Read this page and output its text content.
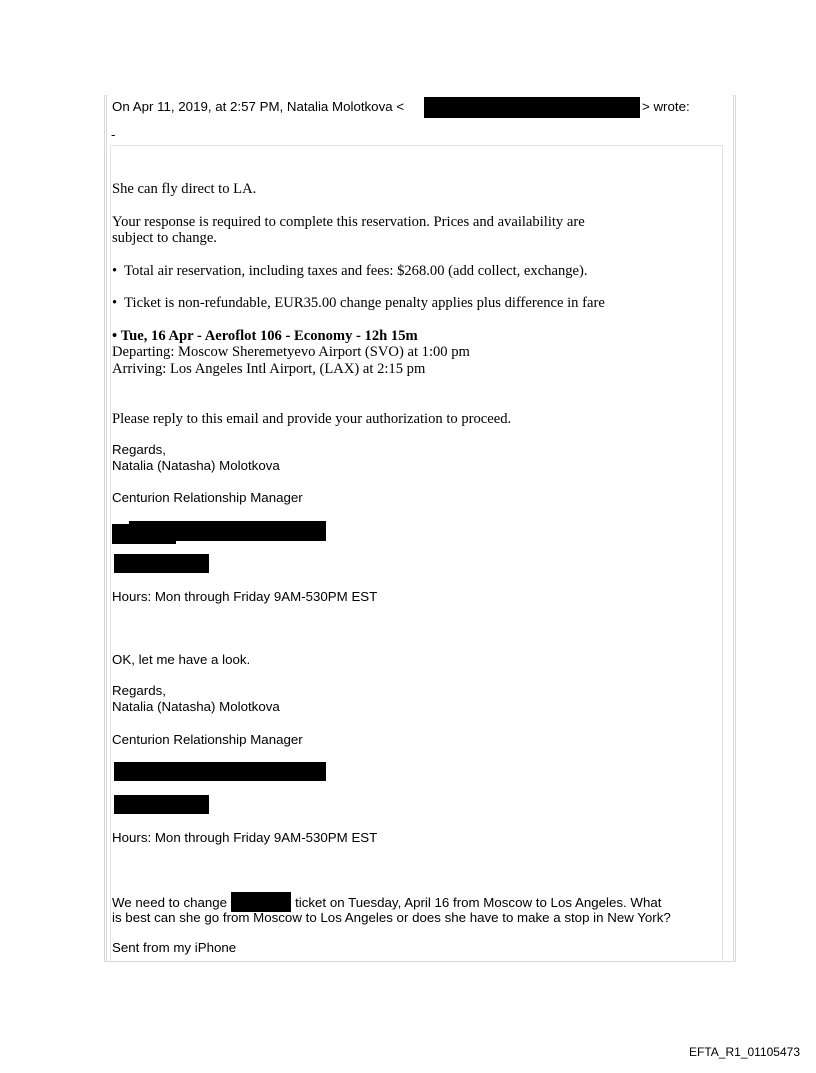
On Apr 11, 2019, at 2:57 PM, Natalia Molotkova <	> wrote:
-
She can fly direct to LA.
Your response is required to complete this reservation. Prices and availability are
subject to change.
• Total air reservation, including taxes and fees: $268.00 (add collect, exchange).
• Ticket is non-refundable, EUR35.00 change penalty applies plus difference in fare
• Tue, 16 Apr - Aeroflot 106 - Economy - 12h 15m
Departing: Moscow Sheremetyevo Airport (SVO) at 1:00 pm
Arriving: Los Angeles Intl Airport, (LAX) at 2:15 pm
Please reply to this email and provide your authorization to proceed.
Regards,
Natalia (Natasha) Molotkova
Centurion Relationship Manager
Hours: Mon through Friday 9AM-530PM EST
OK, let me have a look.
Regards,
Natalia (Natasha) Molotkova
Centurion Relationship Manager
Hours: Mon through Friday 9AM-530PM EST
We need to change	ticket on Tuesday, April 16 from Moscow to Los Angeles. What
is best can she go from Moscow to Los Angeles or does she have to make a stop in New York?
Sent from my iPhone
EFTA_R1_01105473
